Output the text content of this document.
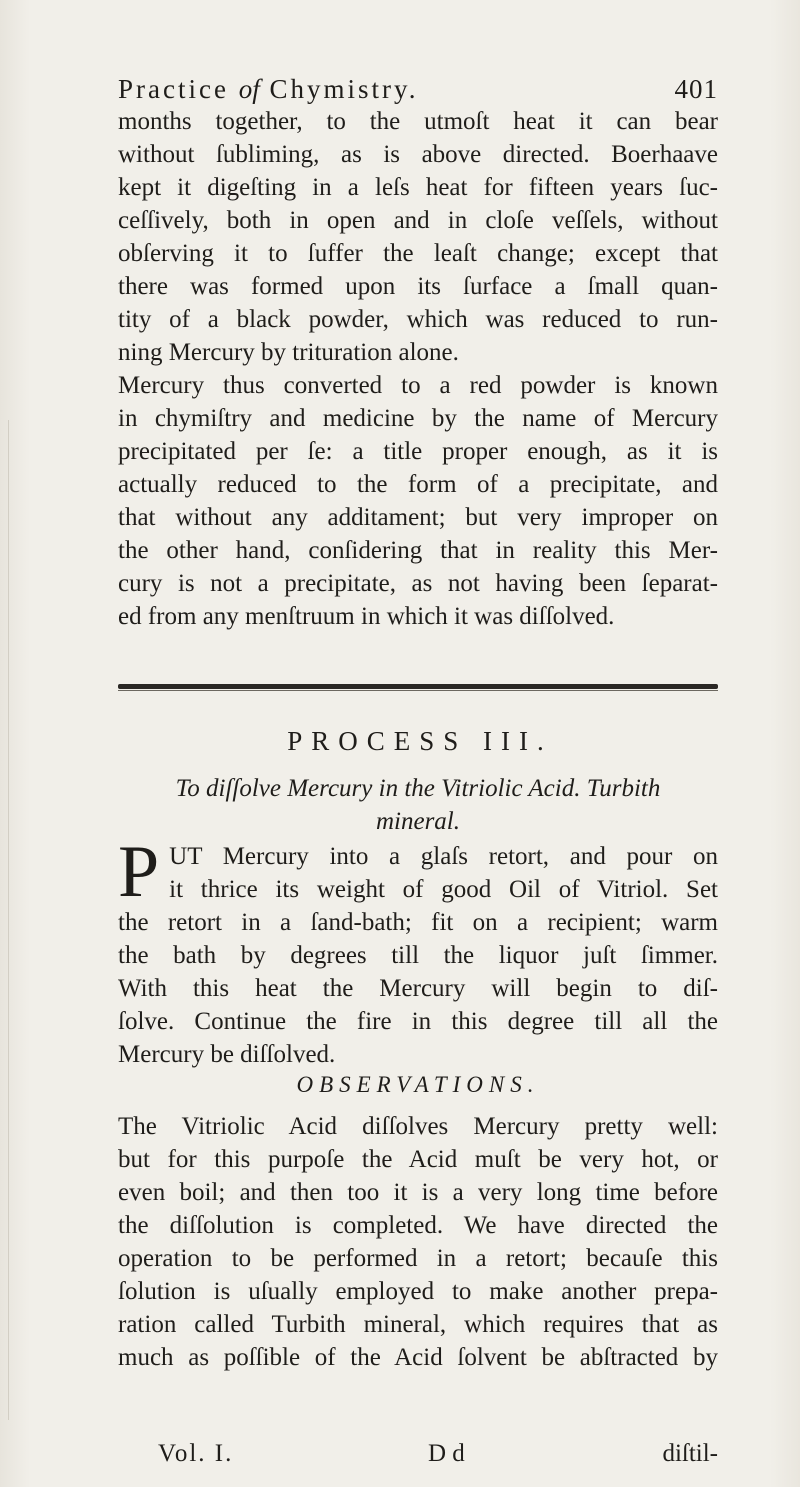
Practice of Chymistry.	401
months together, to the utmoſt heat it can bear
without ſubliming, as is above directed. Boerhaave
kept it digeſting in a leſs heat for fifteen years ſuc-
ceſſively, both in open and in cloſe veſſels, without
obſerving it to ſuffer the leaſt change; except that
there was formed upon its ſurface a ſmall quan-
tity of a black powder, which was reduced to run-
ning Mercury by trituration alone.
Mercury thus converted to a red powder is known
in chymiſtry and medicine by the name of Mercury
precipitated per ſe: a title proper enough, as it is
actually reduced to the form of a precipitate, and
that without any additament; but very improper on
the other hand, conſidering that in reality this Mer-
cury is not a precipitate, as not having been ſeparat-
ed from any menſtruum in which it was diſſolved.
PROCESS III.
To diſſolve Mercury in the Vitriolic Acid. Turbith
mineral.
P UT Mercury into a glaſs retort, and pour on
it thrice its weight of good Oil of Vitriol. Set
the retort in a ſand-bath; fit on a recipient; warm
the bath by degrees till the liquor juſt ſimmer.
With this heat the Mercury will begin to diſ-
ſolve. Continue the fire in this degree till all the
Mercury be diſſolved.
OBSERVATIONS.
The Vitriolic Acid diſſolves Mercury pretty well:
but for this purpoſe the Acid muſt be very hot, or
even boil; and then too it is a very long time before
the diſſolution is completed. We have directed the
operation to be performed in a retort; becauſe this
ſolution is uſually employed to make another prepa-
ration called Turbith mineral, which requires that as
much as poſſible of the Acid ſolvent be abſtracted by
Vol. I.	D d	diſtil-
